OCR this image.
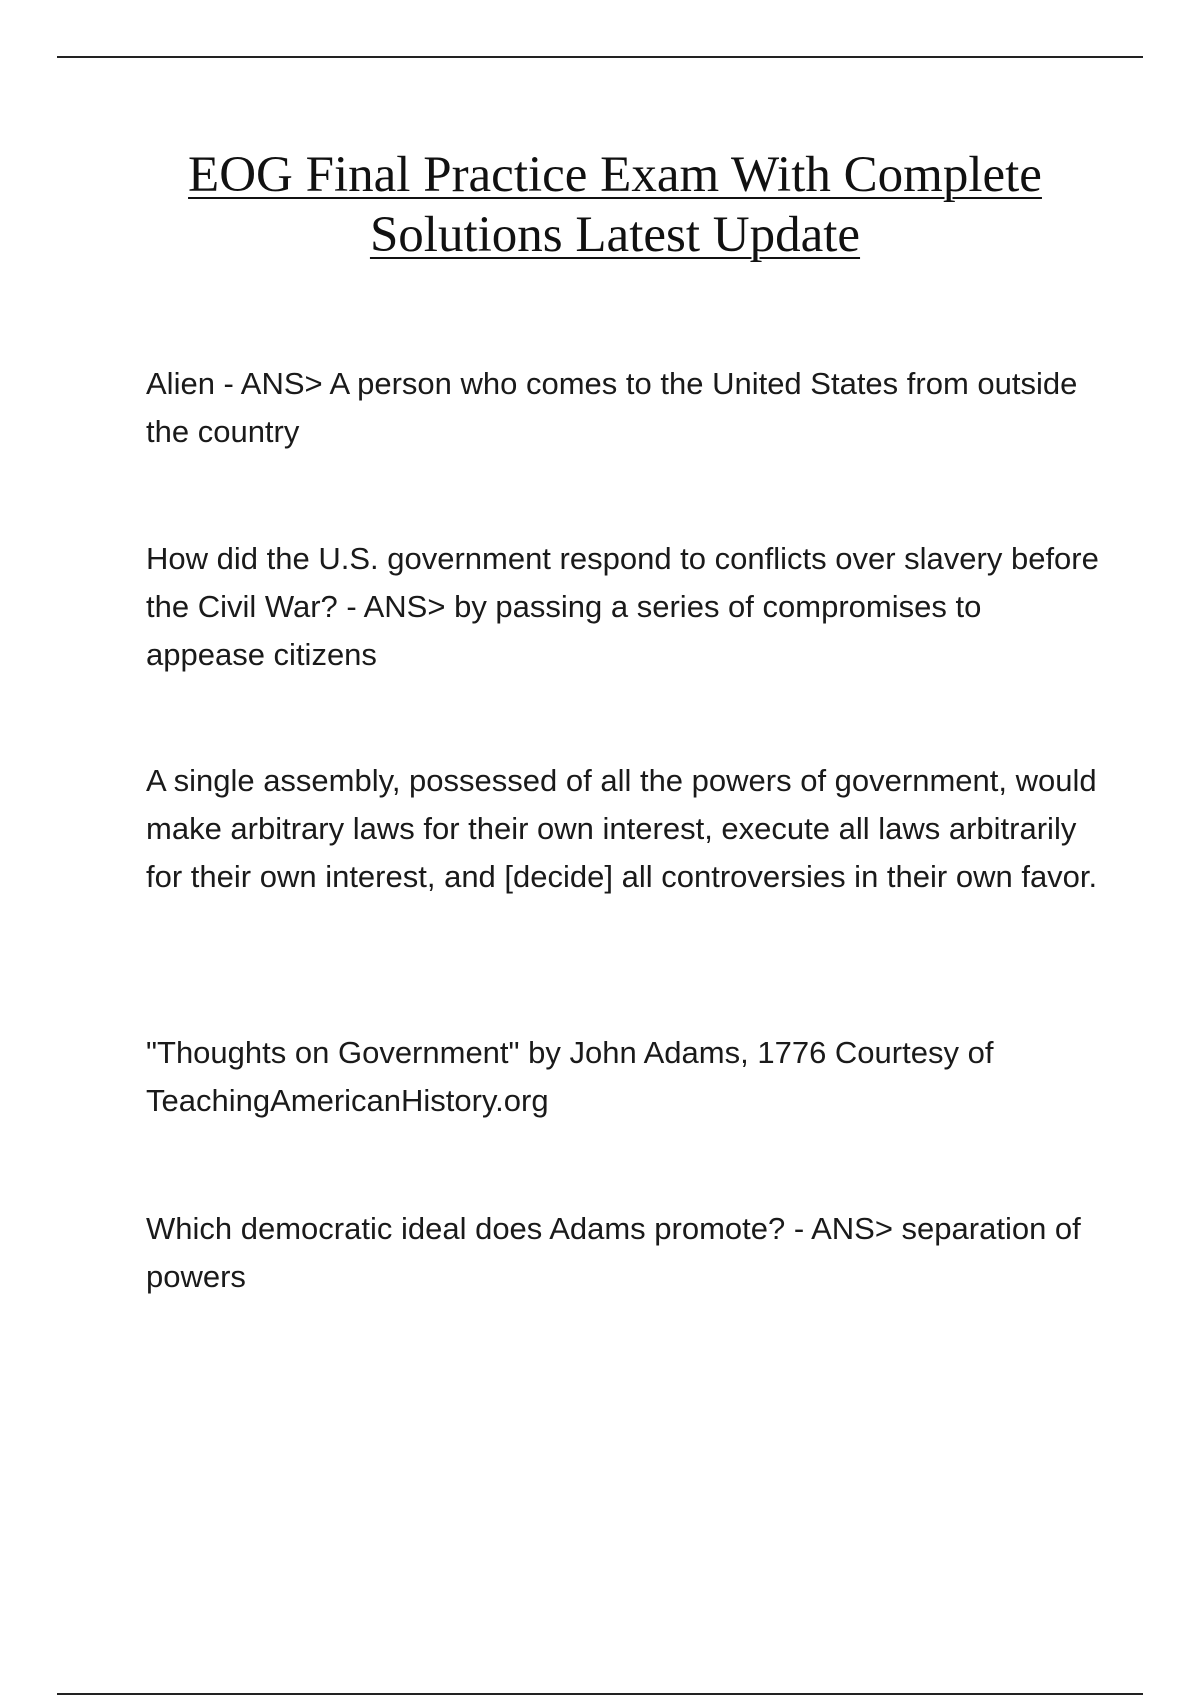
EOG Final Practice Exam With Complete Solutions Latest Update

Alien - ANS> A person who comes to the United States from outside the country

How did the U.S. government respond to conflicts over slavery before the Civil War? - ANS> by passing a series of compromises to appease citizens

A single assembly, possessed of all the powers of government, would make arbitrary laws for their own interest, execute all laws arbitrarily for their own interest, and [decide] all controversies in their own favor.

"Thoughts on Government" by John Adams, 1776 Courtesy of TeachingAmericanHistory.org

Which democratic ideal does Adams promote? - ANS> separation of powers
